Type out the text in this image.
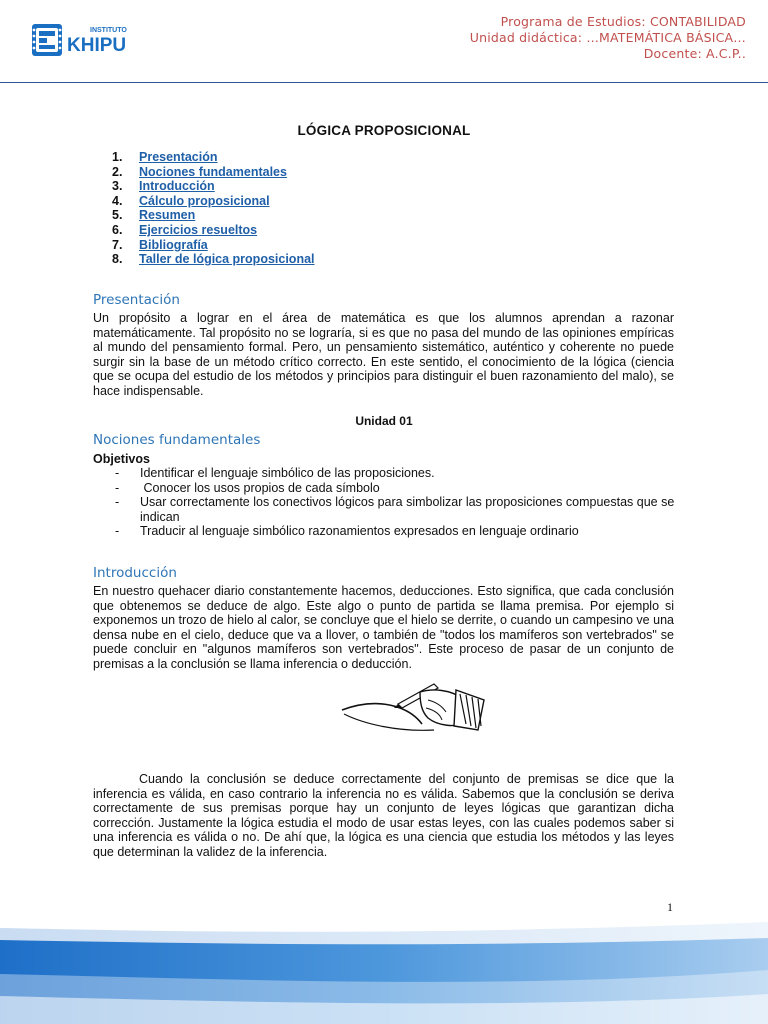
INSTITUTO
KHIPU
Programa de Estudios: CONTABILIDAD
Unidad didáctica: …MATEMÁTICA BÁSICA…
Docente: A.C.P..
LÓGICA PROPOSICIONAL
1.	Presentación
2.	Nociones fundamentales
3.	Introducción
4.	Cálculo proposicional
5.	Resumen
6.	Ejercicios resueltos
7.	Bibliografía
8.	Taller de lógica proposicional
Presentación

Un propósito a lograr en el área de matemática es que los alumnos aprendan a razonar matemáticamente. Tal propósito no se lograría, si es que no pasa del mundo de las opiniones empíricas al mundo del pensamiento formal. Pero, un pensamiento sistemático, auténtico y coherente no puede surgir sin la base de un método crítico correcto. En este sentido, el conocimiento de la lógica (ciencia que se ocupa del estudio de los métodos y principios para distinguir el buen razonamiento del malo), se hace indispensable.

Unidad 01
Nociones fundamentales
Objetivos
-	Identificar el lenguaje simbólico de las proposiciones.
-	Conocer los usos propios de cada símbolo
-	Usar correctamente los conectivos lógicos para simbolizar las proposiciones compuestas que se indican
-	Traducir al lenguaje simbólico razonamientos expresados en lenguaje ordinario
Introducción

En nuestro quehacer diario constantemente hacemos, deducciones. Esto significa, que cada conclusión que obtenemos se deduce de algo. Este algo o punto de partida se llama premisa. Por ejemplo si exponemos un trozo de hielo al calor, se concluye que el hielo se derrite, o cuando un campesino ve una densa nube en el cielo, deduce que va a llover, o también de "todos los mamíferos son vertebrados" se puede concluir en "algunos mamíferos son vertebrados". Este proceso de pasar de un conjunto de premisas a la conclusión se llama inferencia o deducción.

Cuando la conclusión se deduce correctamente del conjunto de premisas se dice que la inferencia es válida, en caso contrario la inferencia no es válida. Sabemos que la conclusión se deriva correctamente de sus premisas porque hay un conjunto de leyes lógicas que garantizan dicha corrección. Justamente la lógica estudia el modo de usar estas leyes, con las cuales podemos saber si una inferencia es válida o no. De ahí que, la lógica es una ciencia que estudia los métodos y las leyes que determinan la validez de la inferencia.

1
